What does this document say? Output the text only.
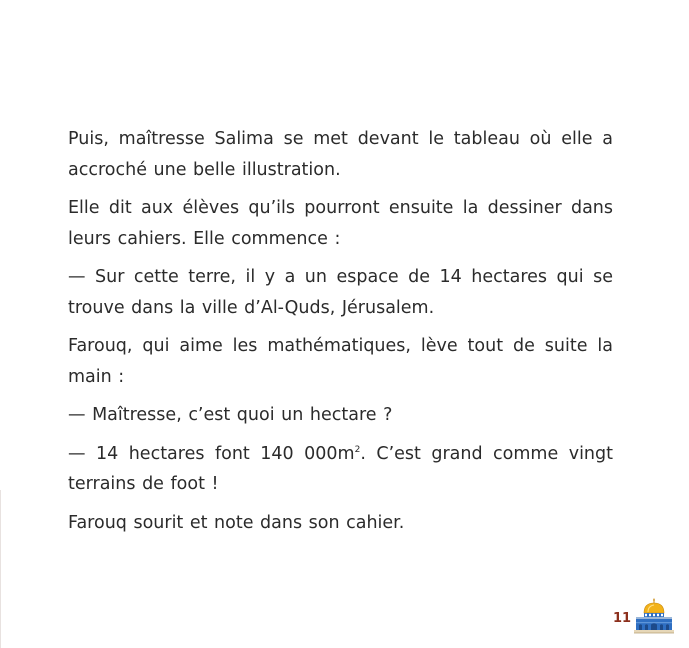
Puis, maîtresse Salima se met devant le tableau où elle a accroché une belle illustration.

Elle dit aux élèves qu’ils pourront ensuite la dessiner dans leurs cahiers. Elle commence :

— Sur cette terre, il y a un espace de 14 hectares qui se trouve dans la ville d’Al-Quds, Jérusalem.

Farouq, qui aime les mathématiques, lève tout de suite la main :

— Maîtresse, c’est quoi un hectare ?

— 14 hectares font 140 $000m^2$. C’est grand comme vingt terrains de foot !

Farouq sourit et note dans son cahier.

11
